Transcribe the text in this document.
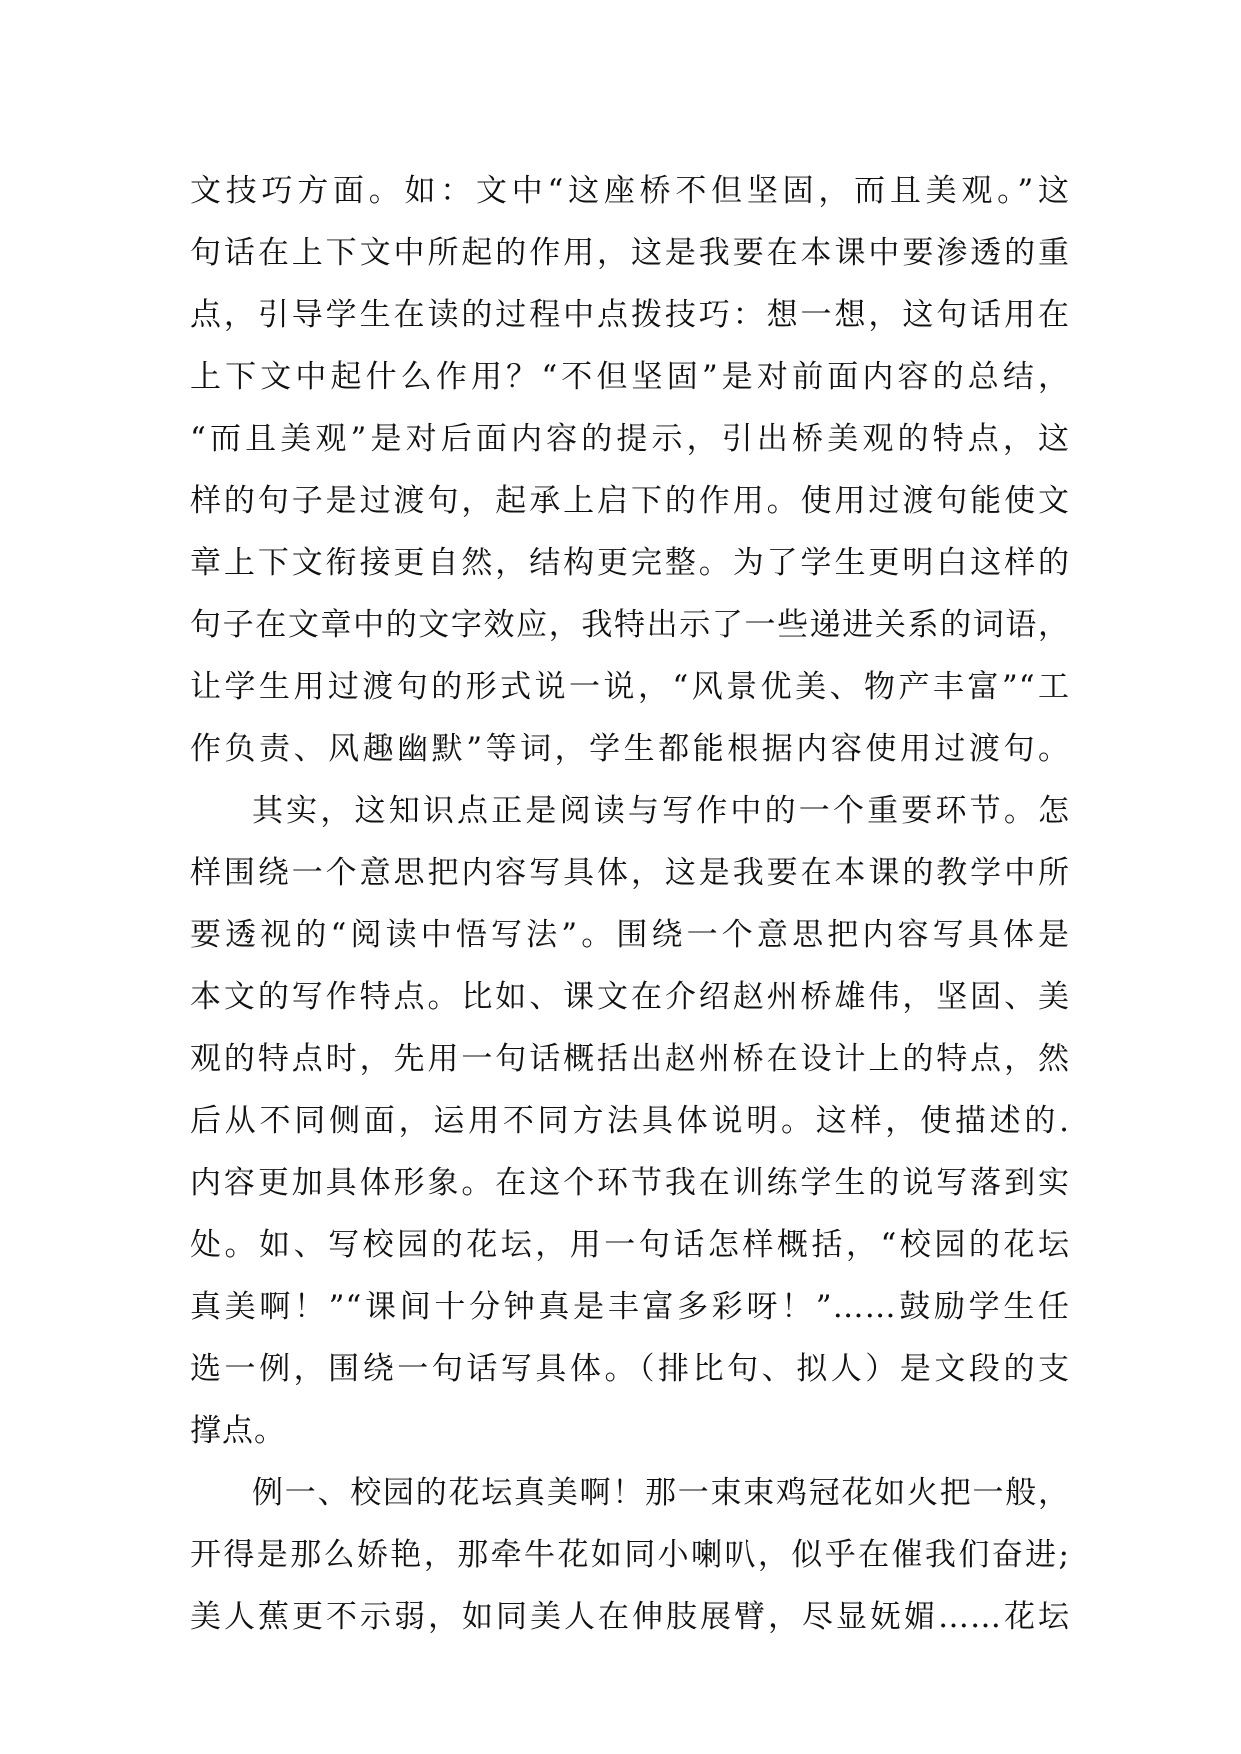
文技巧方面。如：文中“这座桥不但坚固，而且美观。”这
句话在上下文中所起的作用，这是我要在本课中要渗透的重
点，引导学生在读的过程中点拨技巧：想一想，这句话用在
上下文中起什么作用？“不但坚固”是对前面内容的总结，
“而且美观”是对后面内容的提示，引出桥美观的特点，这
样的句子是过渡句，起承上启下的作用。使用过渡句能使文
章上下文衔接更自然，结构更完整。为了学生更明白这样的
句子在文章中的文字效应，我特出示了一些递进关系的词语，
让学生用过渡句的形式说一说，“风景优美、物产丰富”“工
作负责、风趣幽默”等词，学生都能根据内容使用过渡句。
其实，这知识点正是阅读与写作中的一个重要环节。怎
样围绕一个意思把内容写具体，这是我要在本课的教学中所
要透视的“阅读中悟写法”。围绕一个意思把内容写具体是
本文的写作特点。比如、课文在介绍赵州桥雄伟，坚固、美
观的特点时，先用一句话概括出赵州桥在设计上的特点，然
后从不同侧面，运用不同方法具体说明。这样，使描述的.
内容更加具体形象。在这个环节我在训练学生的说写落到实
处。如、写校园的花坛，用一句话怎样概括，“校园的花坛
真美啊！”“课间十分钟真是丰富多彩呀！”……鼓励学生任
选一例，围绕一句话写具体。（排比句、拟人）是文段的支
撑点。
例一、校园的花坛真美啊！那一束束鸡冠花如火把一般，
开得是那么娇艳，那牵牛花如同小喇叭，似乎在催我们奋进;
美人蕉更不示弱，如同美人在伸肢展臂，尽显妩媚……花坛
